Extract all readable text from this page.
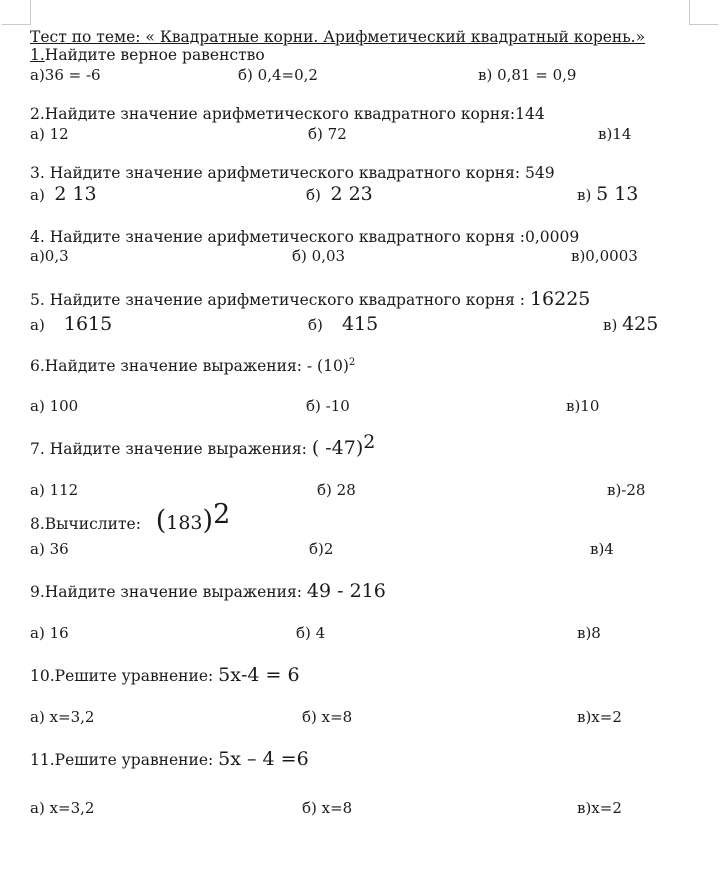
Тест по теме: « Квадратные корни. Арифметический квадратный корень.»
1.Найдите верное равенство
а)36 = -6	б) 0,4=0,2	в) 0,81 = 0,9
2.Найдите значение арифметического квадратного корня:144
а) 12	б) 72	в)14
3. Найдите значение арифметического квадратного корня: 549
а) 2 13	б) 2 23	в) 5 13
4. Найдите значение арифметического квадратного корня :0,0009
а)0,3	б) 0,03	в)0,0003
5. Найдите значение арифметического квадратного корня : 16225
а) 1615	б) 415	в) 425
6.Найдите значение выражения: - $(10)^2$
а) 100	б) -10	в)10
7. Найдите значение выражения: ( -47)$^2$
а) 112	б) 28	в)-28
8.Вычислите: $(183)^2$
а) 36	б)2	в)4
9.Найдите значение выражения: 49 - 216
а) 16	б) 4	в)8
10.Решите уравнение: 5х-4 = 6
а) х=3,2	б) х=8	в)х=2
11.Решите уравнение: 5х – 4 =6
а) х=3,2	б) х=8	в)х=2
